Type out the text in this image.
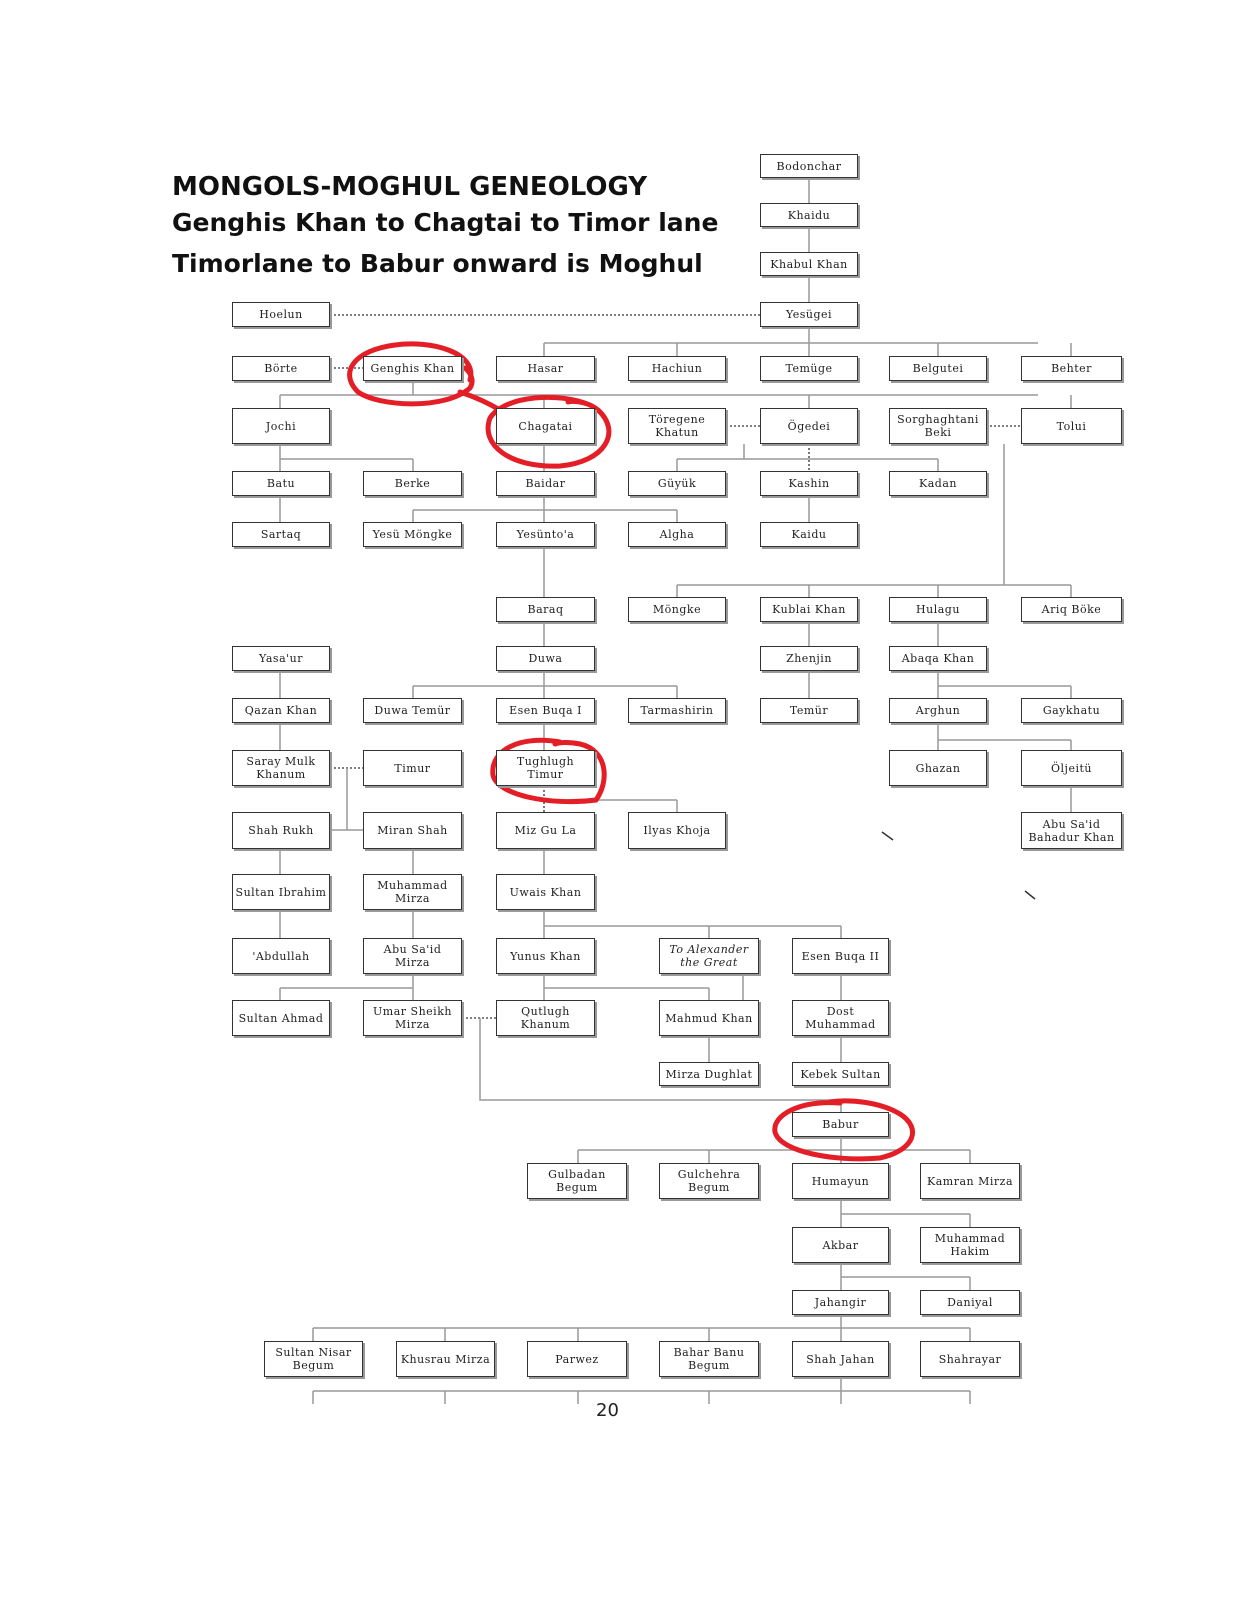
MONGOLS-MOGHUL GENEOLOGY
Genghis Khan to Chagtai to Timor lane
Timorlane to Babur onward is Moghul
Bodonchar
Khaidu
Khabul Khan
Hoelun	Yesügei
Börte	Genghis Khan	Hasar	Hachiun	Temüge	Belgutei	Behter
Jochi	Chagatai	Töregene
Khatun	Ögedei	Sorghaghtani
Beki	Tolui
Batu	Berke	Baidar	Güyük	Kashin	Kadan
Sartaq	Yesü Möngke	Yesünto'a	Algha	Kaidu
Baraq	Möngke	Kublai Khan	Hulagu	Ariq Böke
Yasa'ur	Duwa	Zhenjin	Abaqa Khan
Qazan Khan	Duwa Temür	Esen Buqa I	Tarmashirin	Temür	Arghun	Gaykhatu
Saray Mulk
Khanum	Timur	Tughlugh
Timur	Ghazan	Öljeitü
Shah Rukh	Miran Shah	Miz Gu La	Ilyas Khoja	Abu Sa'id
Bahadur Khan
Sultan Ibrahim	Muhammad
Mirza	Uwais Khan
'Abdullah	Abu Sa'id
Mirza	Yunus Khan	To Alexander
the Great	Esen Buqa II
Sultan Ahmad	Umar Sheikh
Mirza
Qutlugh
Khanum	Mahmud Khan	Dost
Muhammad
Mirza Dughlat	Kebek Sultan
Babur
Gulbadan
Begum
Gulchehra
Begum	Humayun	Kamran Mirza
Akbar	Muhammad
Hakim
Jahangir	Daniyal
Sultan Nisar
Begum	Khusrau Mirza	Parwez	Bahar Banu
Begum	Shah Jahan	Shahrayar
20
